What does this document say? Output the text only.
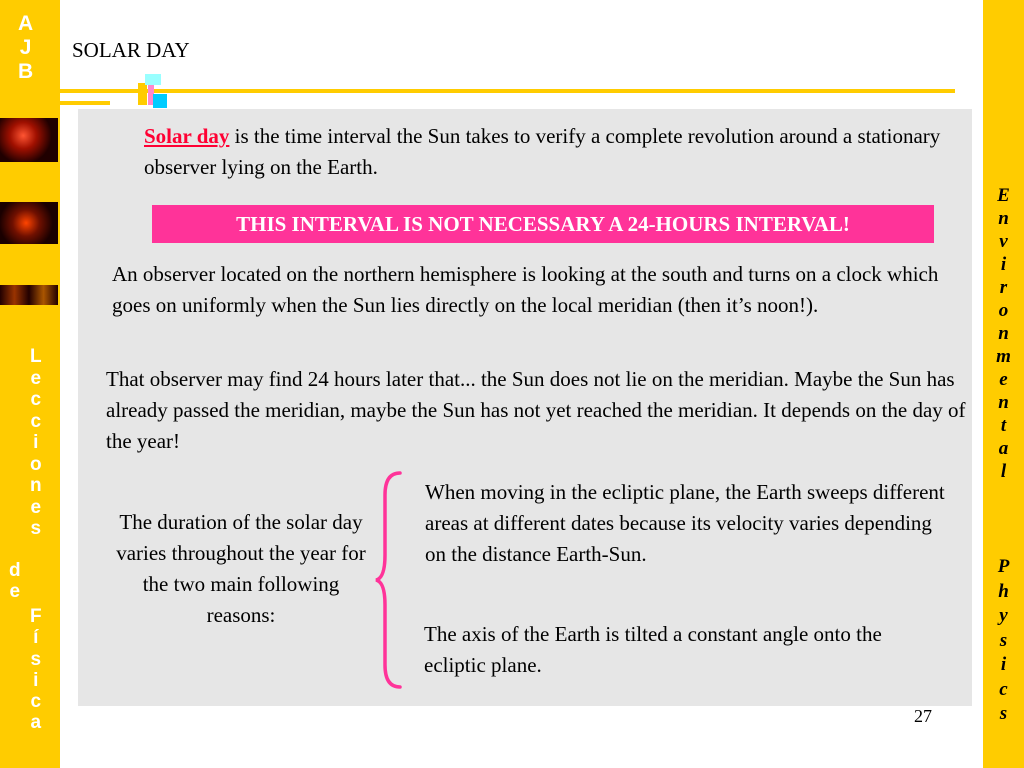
A
J
B
L
e
c
c
i
o
n
e
s
d
e
F
í
s
i
c
a
E
n
v
i
r
o
n
m
e
n
t
a
l
P
h
y
s
i
c
s
SOLAR DAY
Solar day is the time interval the Sun takes to verify a complete revolution around a stationary observer lying on the Earth.
THIS INTERVAL IS NOT NECESSARY A 24-HOURS INTERVAL!
An observer located on the northern hemisphere is looking at the south and turns on a clock which goes on uniformly when the Sun lies directly on the local meridian (then it’s noon!).
That observer may find 24 hours later that... the Sun does not lie on the meridian. Maybe the Sun has already passed the meridian, maybe the Sun has not yet reached the meridian. It depends on the day of the year!
The duration of the solar day varies throughout the year for the two main following reasons:
When moving in the ecliptic plane, the Earth sweeps different areas at different dates because its velocity varies depending on the distance Earth-Sun.
The axis of the Earth is tilted a constant angle onto the ecliptic plane.
27
